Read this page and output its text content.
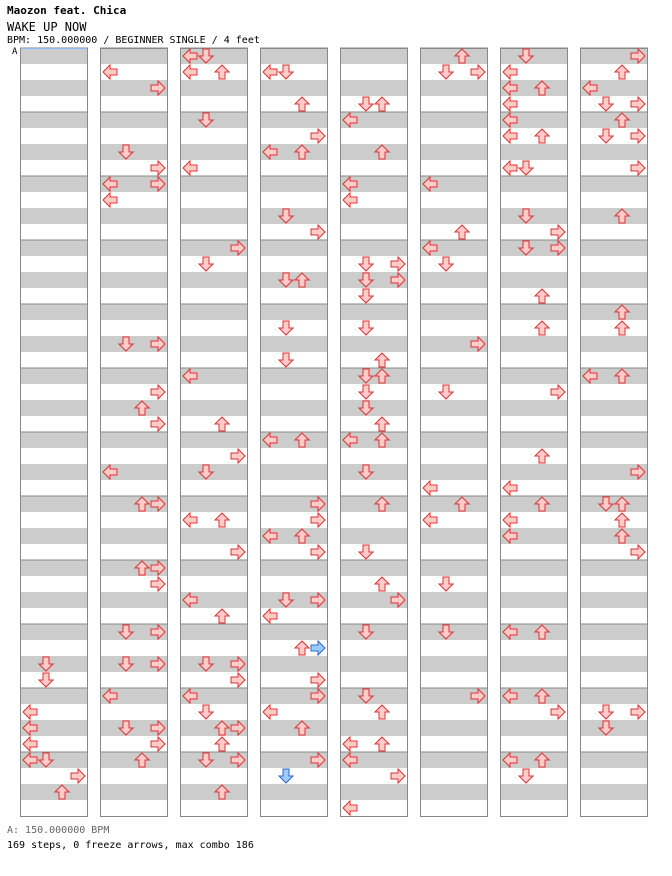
Maozon feat. Chica
WAKE UP NOW
BPM: 150.000000 / BEGINNER SINGLE / 4 feet
A
A: 150.000000 BPM
169 steps, 0 freeze arrows, max combo 186
